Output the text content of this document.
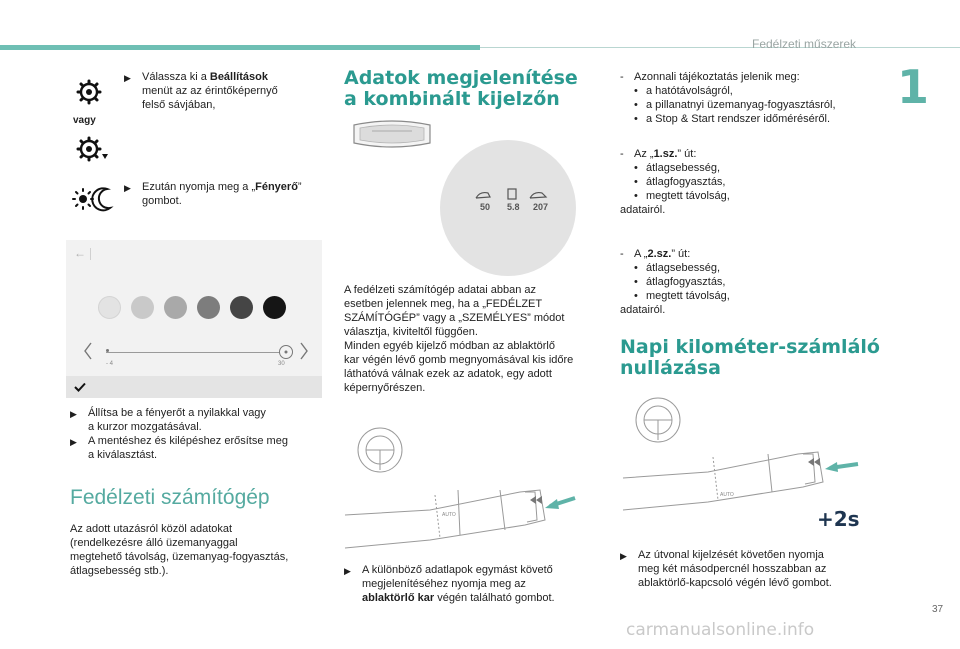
Fedélzeti műszerek
1
vagy
▶	Válassza ki a Beállítások
menüt az az érintőképernyő
felső sávjában,
▶	Ezután nyomja meg a „Fényerő”
gombot.
←
- 4	30
▶	Állítsa be a fényerőt a nyilakkal vagy
a kurzor mozgatásával.
▶	A mentéshez és kilépéshez erősítse meg
a kiválasztást.
Fedélzeti számítógép
Az adott utazásról közöl adatokat
(rendelkezésre álló üzemanyaggal
megtehető távolság, üzemanyag-fogyasztás,
átlagsebesség stb.).
Adatok megjelenítése
a kombinált kijelzőn
50 5.8 207
A fedélzeti számítógép adatai abban az
esetben jelennek meg, ha a „FEDÉLZET
SZÁMÍTÓGÉP” vagy a „SZEMÉLYES” módot
választja, kiviteltől függően.
Minden egyéb kijelző módban az ablaktörlő
kar végén lévő gomb megnyomásával kis időre
láthatóvá válnak ezek az adatok, egy adott
képernyőrészen.
AUTO
▶	A különböző adatlapok egymást követő
megjelenítéséhez nyomja meg az
ablaktörlő kar végén található gombot.
- Azonnali tájékoztatás jelenik meg:
• a hatótávolságról,
• a pillanatnyi üzemanyag-fogyasztásról,
• a Stop & Start rendszer időméréséről.
- Az „1.sz.” út:
• átlagsebesség,
• átlagfogyasztás,
• megtett távolság,
adatairól.
- A „2.sz.” út:
• átlagsebesség,
• átlagfogyasztás,
• megtett távolság,
adatairól.
Napi kilométer-számláló
nullázása
AUTO
+2s
▶	Az útvonal kijelzését követően nyomja
meg két másodpercnél hosszabban az
ablaktörlő-kapcsoló végén lévő gombot.
37
carmanualsonline.info
